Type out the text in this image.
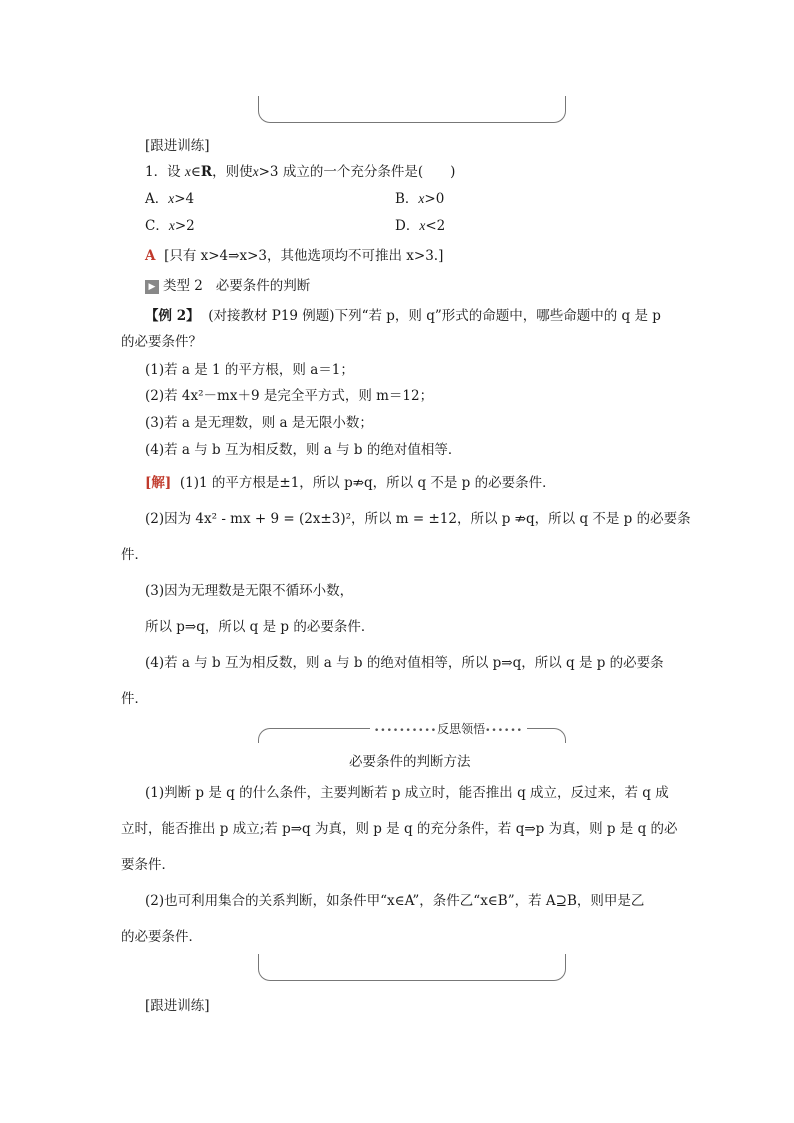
[跟进训练]
1．设 x∈R，则使x>3 成立的一个充分条件是(　　)
A．x>4	B．x>0
C．x>2	D．x<2
A [只有 x>4⇒x>3，其他选项均不可推出 x>3.]
▶ 类型 2 必要条件的判断
【例 2】 (对接教材 P19 例题)下列“若 p，则 q”形式的命题中，哪些命题中的 q 是 p
的必要条件？
(1)若 a 是 1 的平方根，则 a＝1；
(2)若 4x²－mx＋9 是完全平方式，则 m＝12；
(3)若 a 是无理数，则 a 是无限小数；
(4)若 a 与 b 互为相反数，则 a 与 b 的绝对值相等．
[解] (1)1 的平方根是±1，所以 p⇏q，所以 q 不是 p 的必要条件．
(2)因为 4x² - mx + 9 = (2x±3)²，所以 m = ±12，所以 p ⇏q，所以 q 不是 p 的必要条
件．
(3)因为无理数是无限不循环小数，
所以 p⇒q，所以 q 是 p 的必要条件．
(4)若 a 与 b 互为相反数，则 a 与 b 的绝对值相等，所以 p⇒q，所以 q 是 p 的必要条
件．
••••••••••反思领悟••••••
必要条件的判断方法
(1)判断 p 是 q 的什么条件，主要判断若 p 成立时，能否推出 q 成立，反过来，若 q 成
立时，能否推出 p 成立;若 p⇒q 为真，则 p 是 q 的充分条件，若 q⇒p 为真，则 p 是 q 的必
要条件．
(2)也可利用集合的关系判断，如条件甲“x∈A”，条件乙“x∈B”，若 A⊇B，则甲是乙
的必要条件．
[跟进训练]
